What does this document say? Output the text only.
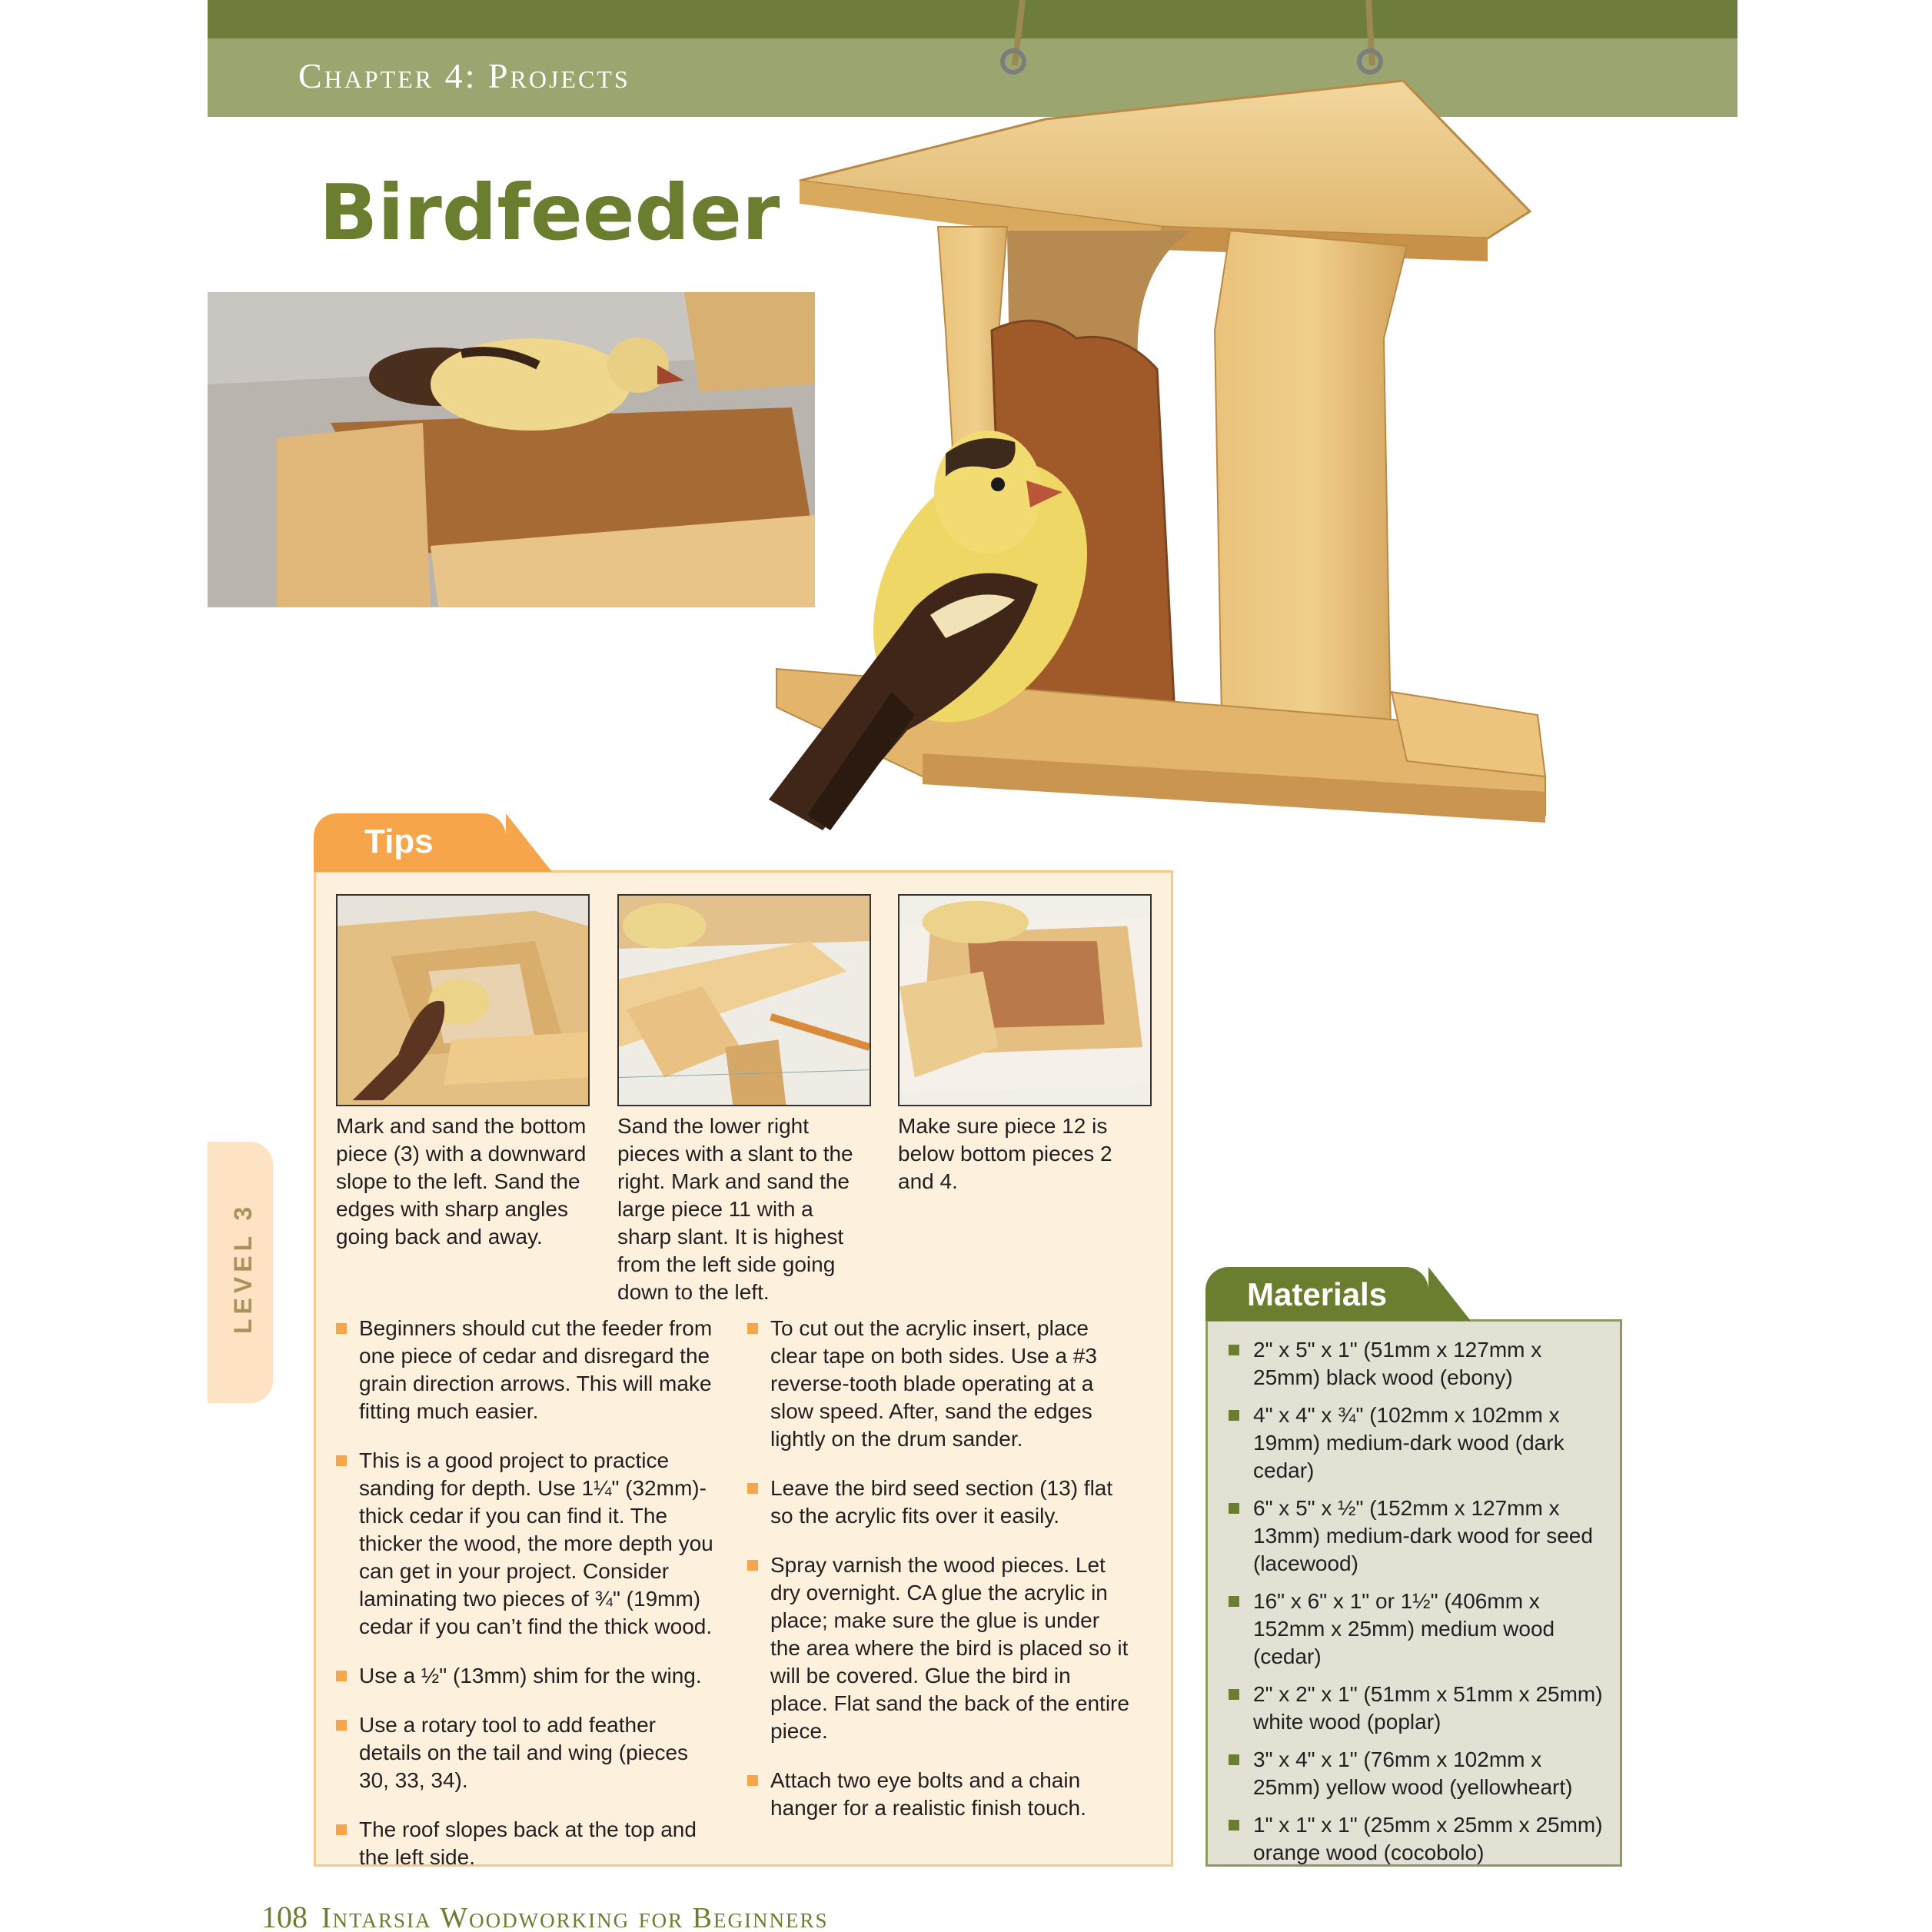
Chapter 4: Projects
Birdfeeder
Tips
Mark and sand the bottom piece (3) with a downward slope to the left. Sand the edges with sharp angles going back and away.
Sand the lower right pieces with a slant to the right. Mark and sand the large piece 11 with a sharp slant. It is highest from the left side going down to the left.
Make sure piece 12 is below bottom pieces 2 and 4.
Beginners should cut the feeder from one piece of cedar and disregard the grain direction arrows. This will make fitting much easier.
This is a good project to practice sanding for depth. Use 1¼" (32mm)-thick cedar if you can find it. The thicker the wood, the more depth you can get in your project. Consider laminating two pieces of ¾" (19mm) cedar if you can’t find the thick wood.
Use a ½" (13mm) shim for the wing.
Use a rotary tool to add feather details on the tail and wing (pieces 30, 33, 34).
The roof slopes back at the top and the left side.
To cut out the acrylic insert, place clear tape on both sides. Use a #3 reverse-tooth blade operating at a slow speed. After, sand the edges lightly on the drum sander.
Leave the bird seed section (13) flat so the acrylic fits over it easily.
Spray varnish the wood pieces. Let dry overnight. CA glue the acrylic in place; make sure the glue is under the area where the bird is placed so it will be covered. Glue the bird in place. Flat sand the back of the entire piece.
Attach two eye bolts and a chain hanger for a realistic finish touch.
LEVEL 3	Materials
2" x 5" x 1" (51mm x 127mm x 25mm) black wood (ebony)
4" x 4" x ¾" (102mm x 102mm x 19mm) medium-dark wood (dark cedar)
6" x 5" x ½" (152mm x 127mm x 13mm) medium-dark wood for seed (lacewood)
16" x 6" x 1" or 1½" (406mm x 152mm x 25mm) medium wood (cedar)
2" x 2" x 1" (51mm x 51mm x 25mm) white wood (poplar)
3" x 4" x 1" (76mm x 102mm x 25mm) yellow wood (yellowheart)
1" x 1" x 1" (25mm x 25mm x 25mm) orange wood (cocobolo)
108 Intarsia Woodworking for Beginners
